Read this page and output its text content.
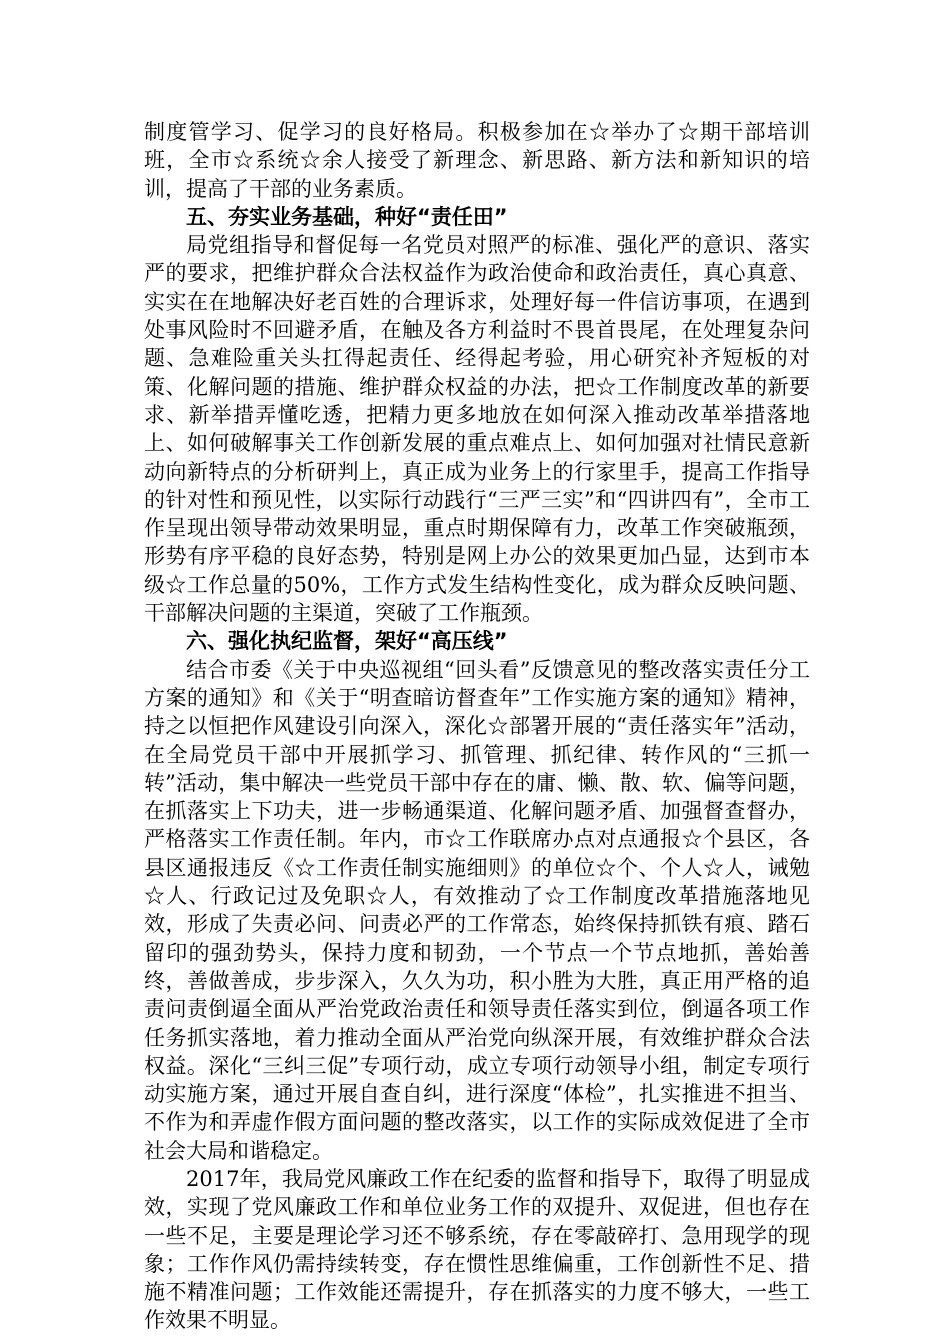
制度管学习、促学习的良好格局。积极参加在☆举办了☆期干部培训班，全市☆系统☆余人接受了新理念、新思路、新方法和新知识的培训，提高了干部的业务素质。

五、夯实业务基础，种好“责任田”

局党组指导和督促每一名党员对照严的标准、强化严的意识、落实严的要求，把维护群众合法权益作为政治使命和政治责任，真心真意、实实在在地解决好老百姓的合理诉求，处理好每一件信访事项，在遇到处事风险时不回避矛盾，在触及各方利益时不畏首畏尾，在处理复杂问题、急难险重关头扛得起责任、经得起考验，用心研究补齐短板的对策、化解问题的措施、维护群众权益的办法，把☆工作制度改革的新要求、新举措弄懂吃透，把精力更多地放在如何深入推动改革举措落地上、如何破解事关工作创新发展的重点难点上、如何加强对社情民意新动向新特点的分析研判上，真正成为业务上的行家里手，提高工作指导的针对性和预见性，以实际行动践行“三严三实”和“四讲四有”，全市工作呈现出领导带动效果明显，重点时期保障有力，改革工作突破瓶颈，形势有序平稳的良好态势，特别是网上办公的效果更加凸显，达到市本级☆工作总量的50%，工作方式发生结构性变化，成为群众反映问题、干部解决问题的主渠道，突破了工作瓶颈。

六、强化执纪监督，架好“高压线”

结合市委《关于中央巡视组“回头看”反馈意见的整改落实责任分工方案的通知》和《关于“明查暗访督查年”工作实施方案的通知》精神，持之以恒把作风建设引向深入，深化☆部署开展的“责任落实年”活动，在全局党员干部中开展抓学习、抓管理、抓纪律、转作风的“三抓一转”活动，集中解决一些党员干部中存在的庸、懒、散、软、偏等问题，在抓落实上下功夫，进一步畅通渠道、化解问题矛盾、加强督查督办，严格落实工作责任制。年内，市☆工作联席办点对点通报☆个县区，各县区通报违反《☆工作责任制实施细则》的单位☆个、个人☆人，诫勉☆人、行政记过及免职☆人，有效推动了☆工作制度改革措施落地见效，形成了失责必问、问责必严的工作常态，始终保持抓铁有痕、踏石留印的强劲势头，保持力度和韧劲，一个节点一个节点地抓，善始善终，善做善成，步步深入，久久为功，积小胜为大胜，真正用严格的追责问责倒逼全面从严治党政治责任和领导责任落实到位，倒逼各项工作任务抓实落地，着力推动全面从严治党向纵深开展，有效维护群众合法权益。深化“三纠三促”专项行动，成立专项行动领导小组，制定专项行动实施方案，通过开展自查自纠，进行深度“体检”，扎实推进不担当、不作为和弄虚作假方面问题的整改落实，以工作的实际成效促进了全市社会大局和谐稳定。

2017年，我局党风廉政工作在纪委的监督和指导下，取得了明显成效，实现了党风廉政工作和单位业务工作的双提升、双促进，但也存在一些不足，主要是理论学习还不够系统，存在零敲碎打、急用现学的现象；工作作风仍需持续转变，存在惯性思维偏重，工作创新性不足、措施不精准问题；工作效能还需提升，存在抓落实的力度不够大，一些工作效果不明显。
